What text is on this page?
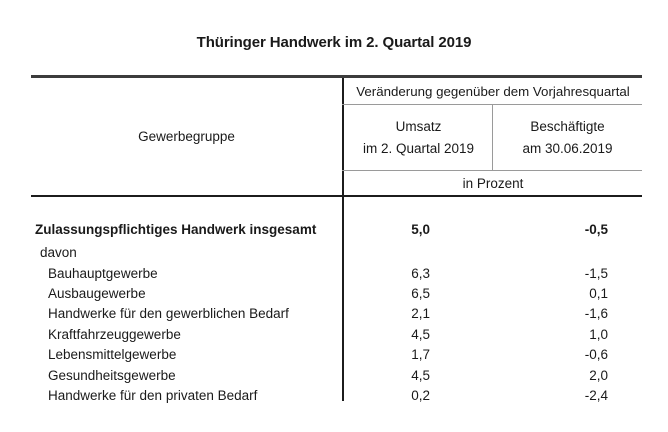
Thüringer Handwerk im 2. Quartal 2019
Gewerbegruppe
Veränderung gegenüber dem Vorjahresquartal
Umsatz
im 2. Quartal 2019
Beschäftigte
am 30.06.2019
in Prozent
Zulassungspflichtiges Handwerk insgesamt	5,0	-0,5
davon
Bauhauptgewerbe	6,3	-1,5
Ausbaugewerbe	6,5	0,1
Handwerke für den gewerblichen Bedarf	2,1	-1,6
Kraftfahrzeuggewerbe	4,5	1,0
Lebensmittelgewerbe	1,7	-0,6
Gesundheitsgewerbe	4,5	2,0
Handwerke für den privaten Bedarf	0,2	-2,4
